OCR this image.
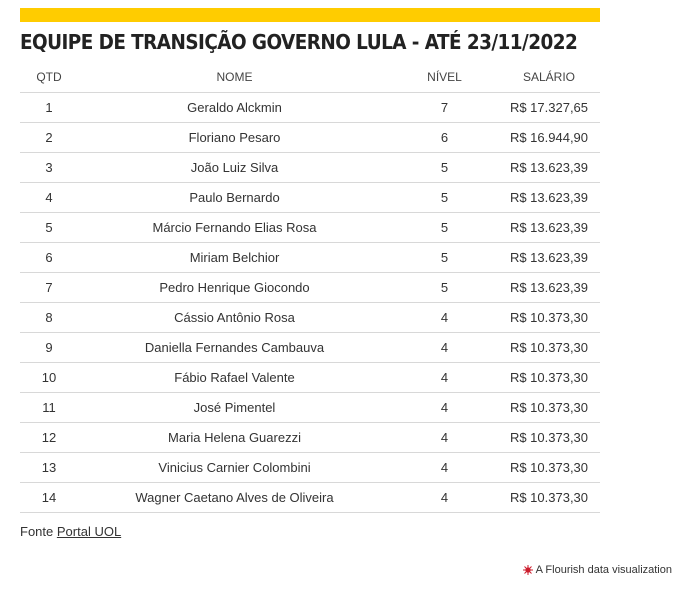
EQUIPE DE TRANSIÇÃO GOVERNO LULA - ATÉ 23/11/2022
QTD	NOME	NÍVEL	SALÁRIO
1	Geraldo Alckmin	7	R$ 17.327,65
2	Floriano Pesaro	6	R$ 16.944,90
3	João Luiz Silva	5	R$ 13.623,39
4	Paulo Bernardo	5	R$ 13.623,39
5	Márcio Fernando Elias Rosa	5	R$ 13.623,39
6	Miriam Belchior	5	R$ 13.623,39
7	Pedro Henrique Giocondo	5	R$ 13.623,39
8	Cássio Antônio Rosa	4	R$ 10.373,30
9	Daniella Fernandes Cambauva	4	R$ 10.373,30
10	Fábio Rafael Valente	4	R$ 10.373,30
11	José Pimentel	4	R$ 10.373,30
12	Maria Helena Guarezzi	4	R$ 10.373,30
13	Vinicius Carnier Colombini	4	R$ 10.373,30
14	Wagner Caetano Alves de Oliveira	4	R$ 10.373,30
Fonte Portal UOL
A Flourish data visualization
